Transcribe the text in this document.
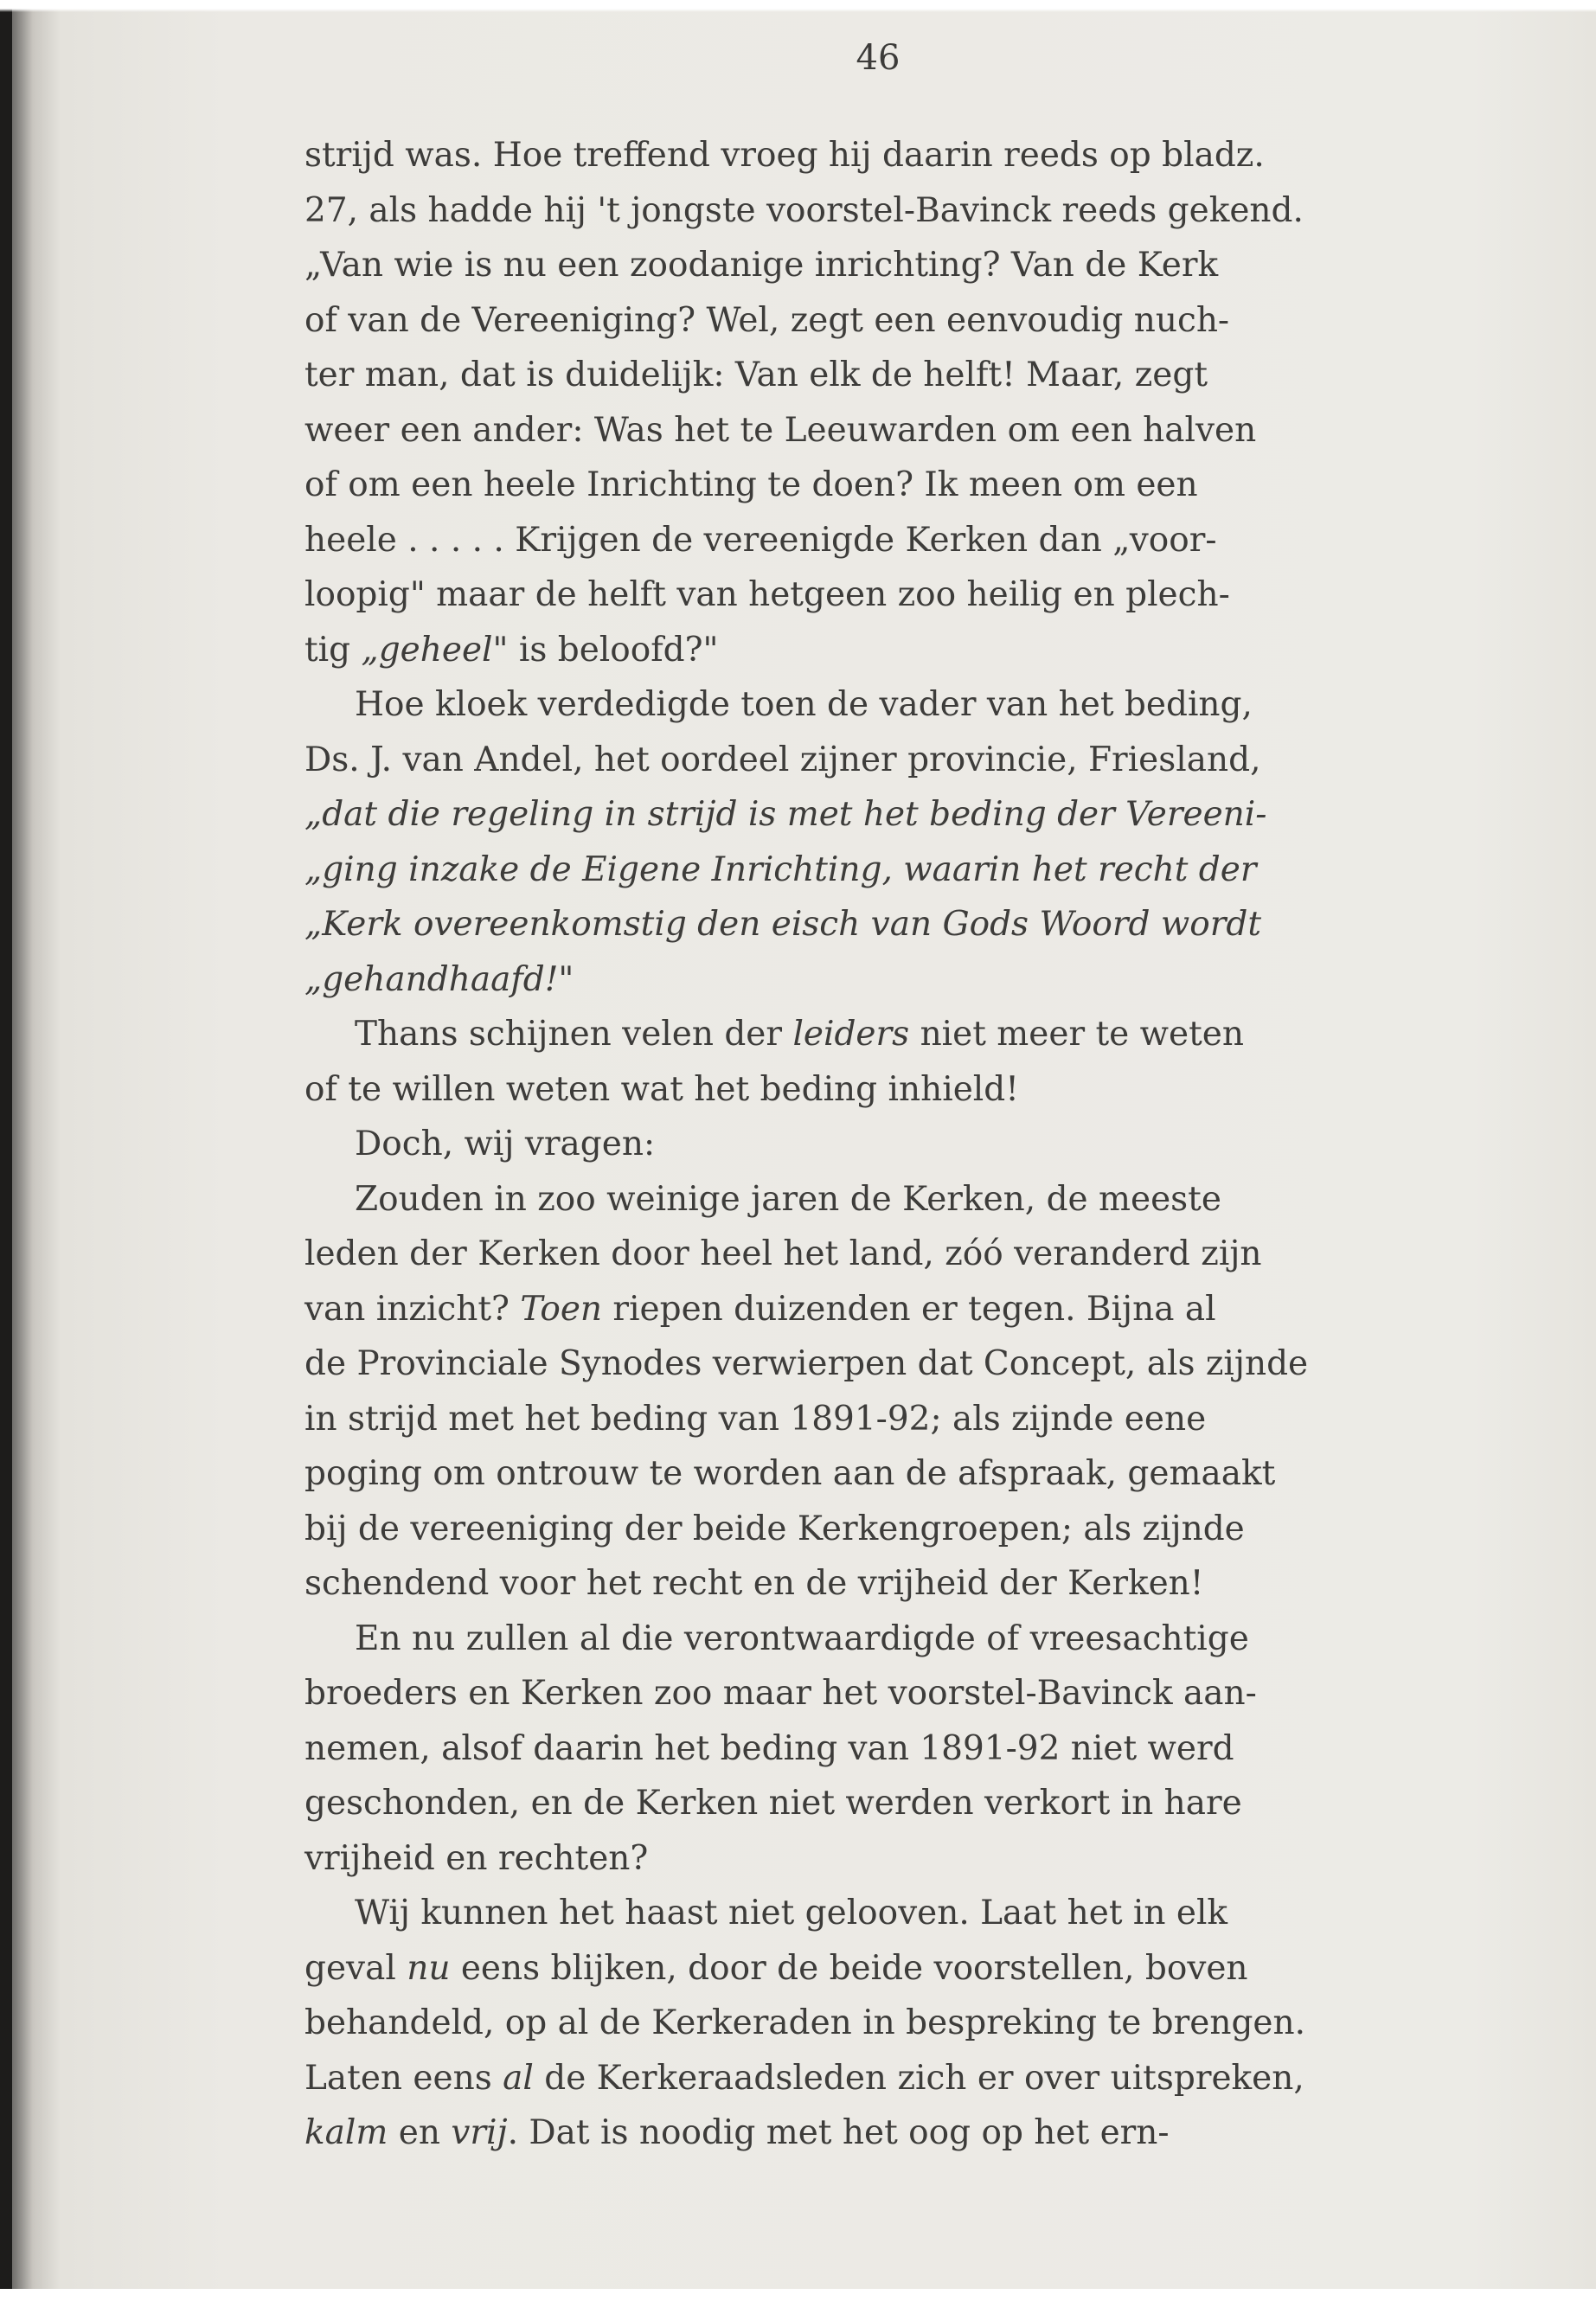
46
strijd was. Hoe treffend vroeg hij daarin reeds op bladz.
27, als hadde hij 't jongste voorstel-Bavinck reeds gekend.
„Van wie is nu een zoodanige inrichting? Van de Kerk
of van de Vereeniging? Wel, zegt een eenvoudig nuch-
ter man, dat is duidelijk: Van elk de helft! Maar, zegt
weer een ander: Was het te Leeuwarden om een halven
of om een heele Inrichting te doen? Ik meen om een
heele . . . . . Krijgen de vereenigde Kerken dan „voor-
loopig" maar de helft van hetgeen zoo heilig en plech-
tig „geheel" is beloofd?"
Hoe kloek verdedigde toen de vader van het beding,
Ds. J. van Andel, het oordeel zijner provincie, Friesland,
„dat die regeling in strijd is met het beding der Vereeni-
„ging inzake de Eigene Inrichting, waarin het recht der
„Kerk overeenkomstig den eisch van Gods Woord wordt
„gehandhaafd!"
Thans schijnen velen der leiders niet meer te weten
of te willen weten wat het beding inhield!
Doch, wij vragen:
Zouden in zoo weinige jaren de Kerken, de meeste
leden der Kerken door heel het land, zóó veranderd zijn
van inzicht? Toen riepen duizenden er tegen. Bijna al
de Provinciale Synodes verwierpen dat Concept, als zijnde
in strijd met het beding van 1891-92; als zijnde eene
poging om ontrouw te worden aan de afspraak, gemaakt
bij de vereeniging der beide Kerkengroepen; als zijnde
schendend voor het recht en de vrijheid der Kerken!
En nu zullen al die verontwaardigde of vreesachtige
broeders en Kerken zoo maar het voorstel-Bavinck aan-
nemen, alsof daarin het beding van 1891-92 niet werd
geschonden, en de Kerken niet werden verkort in hare
vrijheid en rechten?
Wij kunnen het haast niet gelooven. Laat het in elk
geval nu eens blijken, door de beide voorstellen, boven
behandeld, op al de Kerkeraden in bespreking te brengen.
Laten eens al de Kerkeraadsleden zich er over uitspreken,
kalm en vrij. Dat is noodig met het oog op het ern-
